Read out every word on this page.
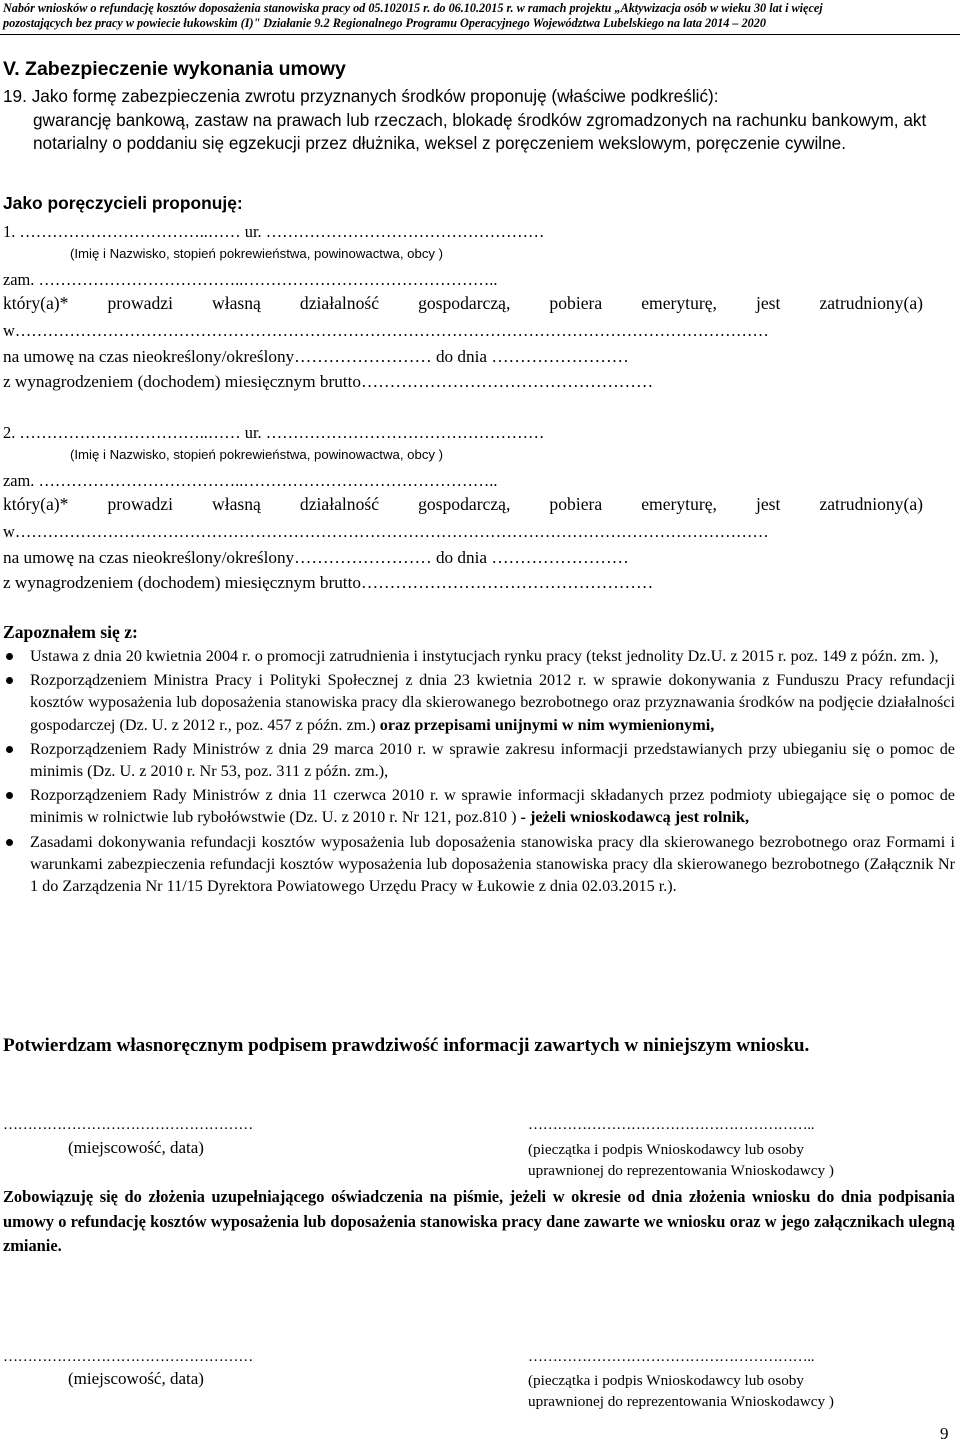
Nabór wniosków o refundację kosztów doposażenia stanowiska pracy od 05.102015 r. do 06.10.2015 r. w ramach projektu „Aktywizacja osób w wieku 30 lat i więcej
pozostających bez pracy w powiecie łukowskim (I)" Działanie 9.2 Regionalnego Programu Operacyjnego Województwa Lubelskiego na lata 2014 – 2020
V. Zabezpieczenie wykonania umowy
19. Jako formę zabezpieczenia zwrotu przyznanych środków proponuję (właściwe podkreślić):
gwarancję bankową, zastaw na prawach lub rzeczach, blokadę środków zgromadzonych na rachunku bankowym, akt notarialny o poddaniu się egzekucji przez dłużnika, weksel z poręczeniem wekslowym, poręczenie cywilne.
Jako poręczycieli proponuję:
1. ……………………………..…… ur. ……………………………………………
(Imię i Nazwisko, stopień pokrewieństwa, powinowactwa, obcy )
zam. ………………………………..………………………………………..
który(a)* prowadzi własną działalność gospodarczą, pobiera emeryturę, jest zatrudniony(a)
w…………………………………………………………………………………………………………………………
na umowę na czas nieokreślony/określony…………………… do dnia ……………………
z wynagrodzeniem (dochodem) miesięcznym brutto……………………………………………
2. ……………………………..…… ur. ……………………………………………
(Imię i Nazwisko, stopień pokrewieństwa, powinowactwa, obcy )
zam. ………………………………..………………………………………..
który(a)* prowadzi własną działalność gospodarczą, pobiera emeryturę, jest zatrudniony(a)
w…………………………………………………………………………………………………………………………
na umowę na czas nieokreślony/określony…………………… do dnia ……………………
z wynagrodzeniem (dochodem) miesięcznym brutto……………………………………………
Zapoznałem się z:
Ustawa z dnia 20 kwietnia 2004 r. o promocji zatrudnienia i instytucjach rynku pracy (tekst jednolity Dz.U. z 2015 r. poz. 149 z późn. zm. ),
Rozporządzeniem Ministra Pracy i Polityki Społecznej z dnia 23 kwietnia 2012 r. w sprawie dokonywania z Funduszu Pracy refundacji kosztów wyposażenia lub doposażenia stanowiska pracy dla skierowanego bezrobotnego oraz przyznawania środków na podjęcie działalności gospodarczej (Dz. U. z 2012 r., poz. 457 z późn. zm.) oraz przepisami unijnymi w nim wymienionymi,
Rozporządzeniem Rady Ministrów z dnia 29 marca 2010 r. w sprawie zakresu informacji przedstawianych przy ubieganiu się o pomoc de minimis (Dz. U. z 2010 r. Nr 53, poz. 311 z późn. zm.),
Rozporządzeniem Rady Ministrów z dnia 11 czerwca 2010 r. w sprawie informacji składanych przez podmioty ubiegające się o pomoc de minimis w rolnictwie lub rybołówstwie (Dz. U. z 2010 r. Nr 121, poz.810 ) - jeżeli wnioskodawcą jest rolnik,
Zasadami dokonywania refundacji kosztów wyposażenia lub doposażenia stanowiska pracy dla skierowanego bezrobotnego oraz Formami i warunkami zabezpieczenia refundacji kosztów wyposażenia lub doposażenia stanowiska pracy dla skierowanego bezrobotnego (Załącznik Nr 1 do Zarządzenia Nr 11/15 Dyrektora Powiatowego Urzędu Pracy w Łukowie z dnia 02.03.2015 r.).
Potwierdzam własnoręcznym podpisem prawdziwość informacji zawartych w niniejszym wniosku.
……………………………………………	…………………………………………………..
(miejscowość, data)	(pieczątka i podpis Wnioskodawcy lub osoby
uprawnionej do reprezentowania Wnioskodawcy )
Zobowiązuję się do złożenia uzupełniającego oświadczenia na piśmie, jeżeli w okresie od dnia złożenia wniosku do dnia podpisania umowy o refundację kosztów wyposażenia lub doposażenia stanowiska pracy dane zawarte we wniosku oraz w jego załącznikach ulegną zmianie.
……………………………………………	…………………………………………………..
(miejscowość, data)	(pieczątka i podpis Wnioskodawcy lub osoby
uprawnionej do reprezentowania Wnioskodawcy )
9
